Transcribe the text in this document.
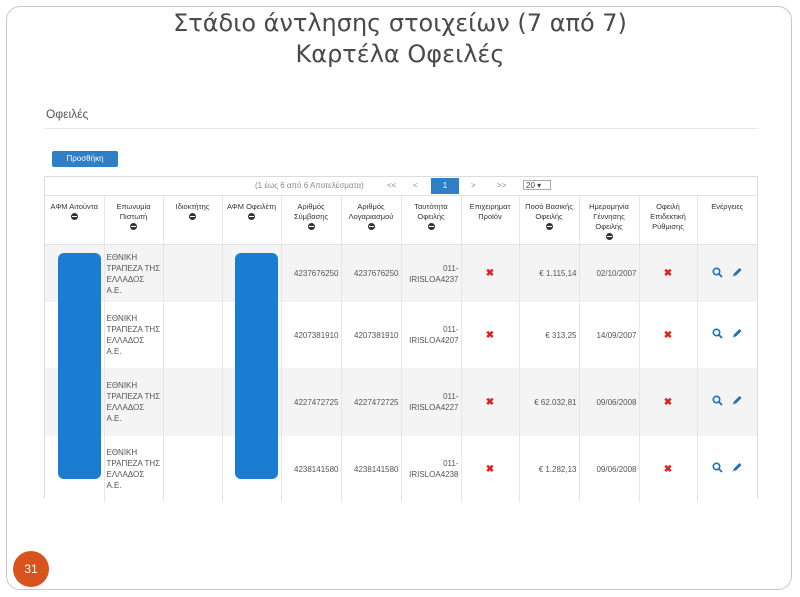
Στάδιο άντλησης στοιχείων (7 από 7)
Καρτέλα Οφειλές
Οφειλές
Προσθήκη
(1 έως 6 από 6 Αποτελέσματα)	<< <	1	>	>>	20 ▾
ΑΦΜ Αιτούντα	Επωνυμία Πιστωτή	Ιδιοκτήτης	ΑΦΜ Οφειλέτη	Αριθμός Σύμβασης	Αριθμός Λογαριασμού	Ταυτότητα Οφειλής	Επιχειρηματ Προϊόν	Ποσό Βασικής Οφειλής	Ημερομηνία Γέννησης Οφειλής	Οφειλή Επιδεκτική Ρύθμισης	Ενέργειες
	ΕΘΝΙΚΗ ΤΡΑΠΕΖΑ ΤΗΣ ΕΛΛΑΔΟΣ Α.Ε.			4237676250	4237676250	011-IRISLOA4237	✖	€ 1.115,14	02/10/2007	✖	
	ΕΘΝΙΚΗ ΤΡΑΠΕΖΑ ΤΗΣ ΕΛΛΑΔΟΣ Α.Ε.			4207381910	4207381910	011-IRISLOA4207	✖	€ 313,25	14/09/2007	✖	
	ΕΘΝΙΚΗ ΤΡΑΠΕΖΑ ΤΗΣ ΕΛΛΑΔΟΣ Α.Ε.			4227472725	4227472725	011-IRISLOA4227	✖	€ 62.032,81	09/06/2008	✖	
	ΕΘΝΙΚΗ ΤΡΑΠΕΖΑ ΤΗΣ ΕΛΛΑΔΟΣ Α.Ε.			4238141580	4238141580	011-IRISLOA4238	✖	€ 1.282,13	09/06/2008	✖	
31
